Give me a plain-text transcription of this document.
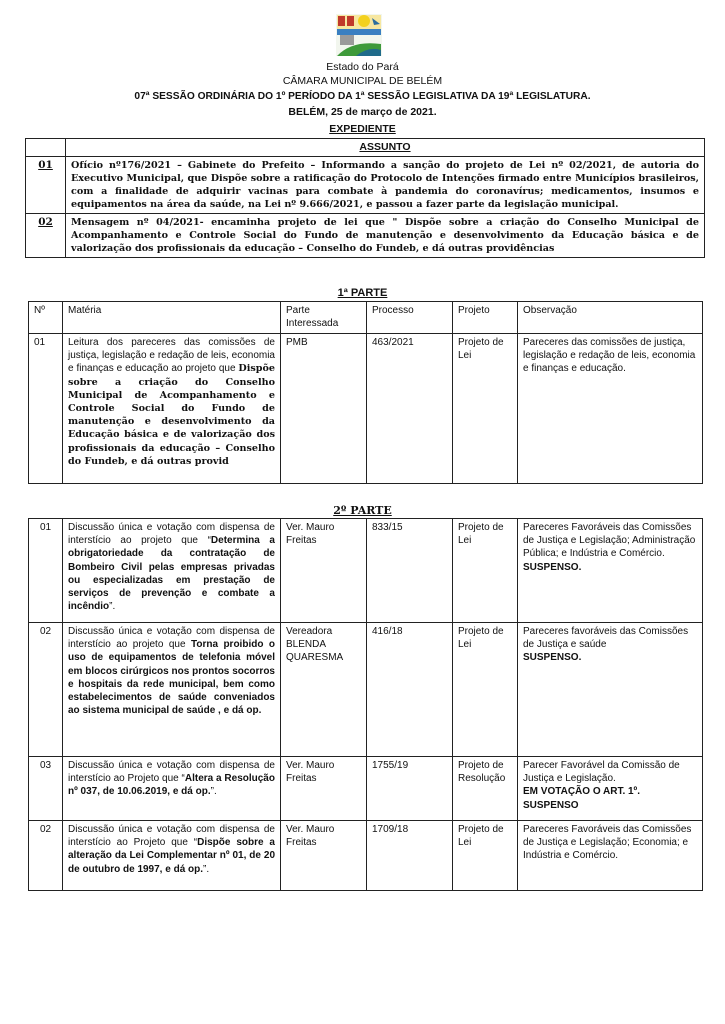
Estado do Pará
CÂMARA MUNICIPAL DE BELÉM
07ª SESSÃO ORDINÁRIA DO 1º PERÍODO DA 1ª SESSÃO LEGISLATIVA DA 19ª LEGISLATURA.
BELÉM, 25 de março de 2021.
EXPEDIENTE
	ASSUNTO
01	Ofício nº176/2021 – Gabinete do Prefeito – Informando a sanção do projeto de Lei nº 02/2021, de autoria do Executivo Municipal, que Dispõe sobre a ratificação do Protocolo de Intenções firmado entre Municípios brasileiros, com a finalidade de adquirir vacinas para combate à pandemia do coronavírus; medicamentos, insumos e equipamentos na área da saúde, na Lei nº 9.666/2021, e passou a fazer parte da legislação municipal.
02	Mensagem nº 04/2021- encaminha projeto de lei que " Dispõe sobre a criação do Conselho Municipal de Acompanhamento e Controle Social do Fundo de manutenção e desenvolvimento da Educação básica e de valorização dos profissionais da educação – Conselho do Fundeb, e dá outras providências
1ª PARTE
Nº	Matéria	Parte Interessada	Processo	Projeto	Observação
01	Leitura dos pareceres das comissões de justiça, legislação e redação de leis, economia e finanças e educação ao projeto que Dispõe sobre a criação do Conselho Municipal de Acompanhamento e Controle Social do Fundo de manutenção e desenvolvimento da Educação básica e de valorização dos profissionais da educação – Conselho do Fundeb, e dá outras provid	PMB	463/2021	Projeto de Lei	Pareceres das comissões de justiça, legislação e redação de leis, economia e finanças e educação.
2º PARTE
01	Discussão única e votação com dispensa de interstício ao projeto que “Determina a obrigatoriedade da contratação de Bombeiro Civil pelas empresas privadas ou especializadas em prestação de serviços de prevenção e combate a incêndio”.	Ver. Mauro Freitas	833/15	Projeto de Lei	Pareceres Favoráveis das Comissões de Justiça e Legislação; Administração Pública; e Indústria e Comércio.
SUSPENSO.
02	Discussão única e votação com dispensa de interstício ao projeto que Torna proibido o uso de equipamentos de telefonia móvel em blocos cirúrgicos nos prontos socorros e hospitais da rede municipal, bem como estabelecimentos de saúde conveniados ao sistema municipal de saúde , e dá op.	Vereadora BLENDA QUARESMA	416/18	Projeto de Lei	Pareceres favoráveis das Comissões de Justiça e saúde
SUSPENSO.
03	Discussão única e votação com dispensa de interstício ao Projeto que “Altera a Resolução nº 037, de 10.06.2019, e dá op.”.	Ver. Mauro Freitas	1755/19	Projeto de Resolução	Parecer Favorável da Comissão de Justiça e Legislação.
EM VOTAÇÃO O ART. 1º.
SUSPENSO
02	Discussão única e votação com dispensa de interstício ao Projeto que “Dispõe sobre a alteração da Lei Complementar nº 01, de 20 de outubro de 1997, e dá op.”.	Ver. Mauro Freitas	1709/18	Projeto de Lei	Pareceres Favoráveis das Comissões de Justiça e Legislação; Economia; e Indústria e Comércio.
